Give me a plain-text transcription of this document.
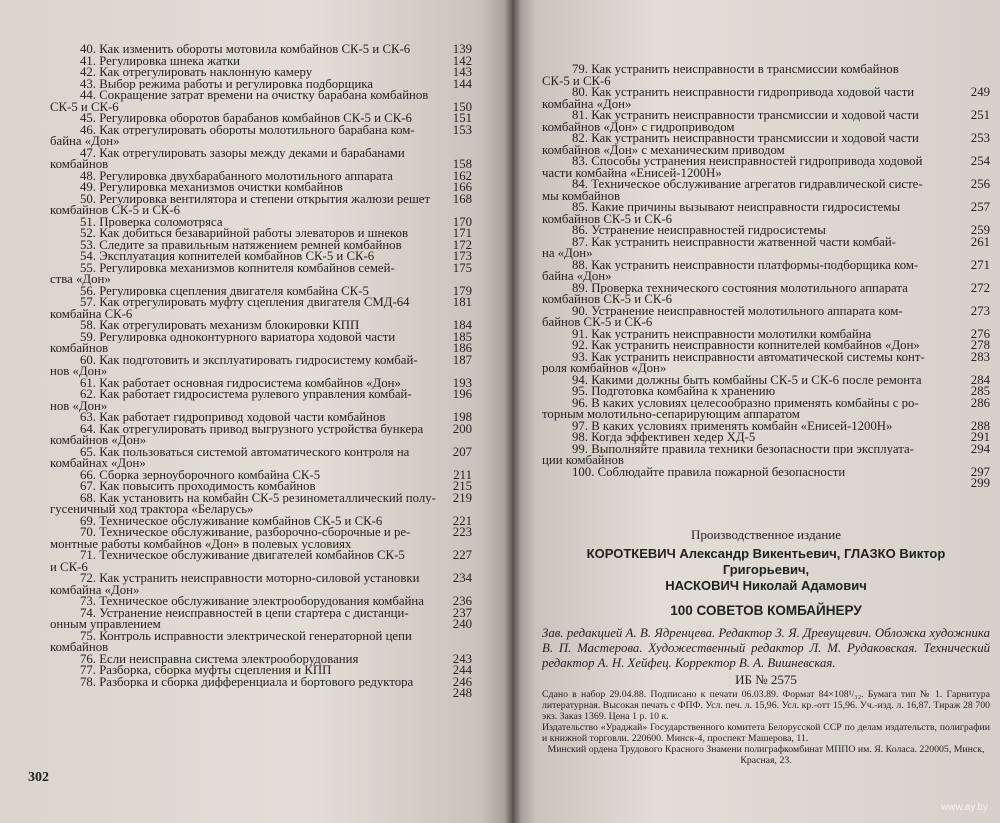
40. Как изменить обороты мотовила комбайнов СК-5 и СК-6	139
41. Регулировка шнека жатки	142
42. Как отрегулировать наклонную камеру	143
43. Выбор режима работы и регулировка подборщика	144
44. Сокращение затрат времени на очистку барабана комбайнов
СК-5 и СК-6	150
45. Регулировка оборотов барабанов комбайнов СК-5 и СК-6	151
46. Как отрегулировать обороты молотильного барабана ком-	153
байна «Дон»
47. Как отрегулировать зазоры между деками и барабанами
комбайнов	158
48. Регулировка двухбарабанного молотильного аппарата	162
49. Регулировка механизмов очистки комбайнов	166
50. Регулировка вентилятора и степени открытия жалюзи решет	168
комбайнов СК-5 и СК-6
51. Проверка соломотряса	170
52. Как добиться безаварийной работы элеваторов и шнеков	171
53. Следите за правильным натяжением ремней комбайнов	172
54. Эксплуатация копнителей комбайнов СК-5 и СК-6	173
55. Регулировка механизмов копнителя комбайнов семей-	175
ства «Дон»
56. Регулировка сцепления двигателя комбайна СК-5	179
57. Как отрегулировать муфту сцепления двигателя СМД-64	181
комбайна СК-6
58. Как отрегулировать механизм блокировки КПП	184
59. Регулировка одноконтурного вариатора ходовой части	185
комбайнов	186
60. Как подготовить и эксплуатировать гидросистему комбай-	187
нов «Дон»
61. Как работает основная гидросистема комбайнов «Дон»	193
62. Как работает гидросистема рулевого управления комбай-	196
нов «Дон»
63. Как работает гидропривод ходовой части комбайнов	198
64. Как отрегулировать привод выгрузного устройства бункера	200
комбайнов «Дон»
65. Как пользоваться системой автоматического контроля на	207
комбайнах «Дон»
66. Сборка зерноуборочного комбайна СК-5	211
67. Как повысить проходимость комбайнов	215
68. Как установить на комбайн СК-5 резинометаллический полу-	219
гусеничный ход трактора «Беларусь»
69. Техническое обслуживание комбайнов СК-5 и СК-6	221
70. Техническое обслуживание, разборочно-сборочные и ре-	223
монтные работы комбайнов «Дон» в полевых условиях
71. Техническое обслуживание двигателей комбайнов СК-5	227
и СК-6
72. Как устранить неисправности моторно-силовой установки	234
комбайна «Дон»
73. Техническое обслуживание электрооборудования комбайна	236
74. Устранение неисправностей в цепи стартера с дистанци-	237
онным управлением	240
75. Контроль исправности электрической генераторной цепи
комбайнов
76. Если неисправна система электрооборудования	243
77. Разборка, сборка муфты сцепления и КПП	244
78. Разборка и сборка дифференциала и бортового редуктора	246
248
302
79. Как устранить неисправности в трансмиссии комбайнов
СК-5 и СК-6
80. Как устранить неисправности гидропривода ходовой части	249
комбайна «Дон»
81. Как устранить неисправности трансмиссии и ходовой части	251
комбайнов «Дон» с гидроприводом
82. Как устранить неисправности трансмиссии и ходовой части	253
комбайнов «Дон» с механическим приводом
83. Способы устранения неисправностей гидропривода ходовой	254
части комбайна «Енисей-1200Н»
84. Техническое обслуживание агрегатов гидравлической систе-	256
мы комбайнов
85. Какие причины вызывают неисправности гидросистемы	257
комбайнов СК-5 и СК-6
86. Устранение неисправностей гидросистемы	259
87. Как устранить неисправности жатвенной части комбай-	261
на «Дон»
88. Как устранить неисправности платформы-подборщика ком-	271
байна «Дон»
89. Проверка технического состояния молотильного аппарата	272
комбайнов СК-5 и СК-6
90. Устранение неисправностей молотильного аппарата ком-	273
байнов СК-5 и СК-6
91. Как устранить неисправности молотилки комбайна	276
92. Как устранить неисправности копнителей комбайнов «Дон»	278
93. Как устранить неисправности автоматической системы конт-	283
роля комбайнов «Дон»
94. Какими должны быть комбайны СК-5 и СК-6 после ремонта	284
95. Подготовка комбайна к хранению	285
96. В каких условиях целесообразно применять комбайны с ро-	286
торным молотильно-сепарирующим аппаратом
97. В каких условиях применять комбайн «Енисей-1200Н»	288
98. Когда эффективен хедер ХД-5	291
99. Выполняйте правила техники безопасности при эксплуата-	294
ции комбайнов
100. Соблюдайте правила пожарной безопасности	297
299
Производственное издание
КОРОТКЕВИЧ Александр Викентьевич, ГЛАЗКО Виктор Григорьевич,
НАСКОВИЧ Николай Адамович
100 СОВЕТОВ КОМБАЙНЕРУ
Зав. редакцией А. В. Ядренцева. Редактор З. Я. Древущевич. Обложка художника В. П. Мастерова. Художественный редактор Л. М. Рудаковская. Технический редактор А. Н. Хейфец. Корректор В. А. Вишневская.
ИБ № 2575
Сдано в набор 29.04.88. Подписано к печати 06.03.89. Формат 84×108¹/₃₂. Бумага тип № 1. Гарнитура литературная. Высокая печать с ФПФ. Усл. печ. л. 15,96. Усл. кр.-отт 15,96. Уч.-изд. л. 16,87. Тираж 28 700 экз. Заказ 1369. Цена 1 р. 10 к.
Издательство «Ураджай» Государственного комитета Белорусской ССР по делам издательств, полиграфии и книжной торговли. 220600. Минск-4, проспект Машерова, 11.
Минский ордена Трудового Красного Знамени полиграфкомбинат МППО им. Я. Коласа. 220005, Минск, Красная, 23.
www.ay.by
